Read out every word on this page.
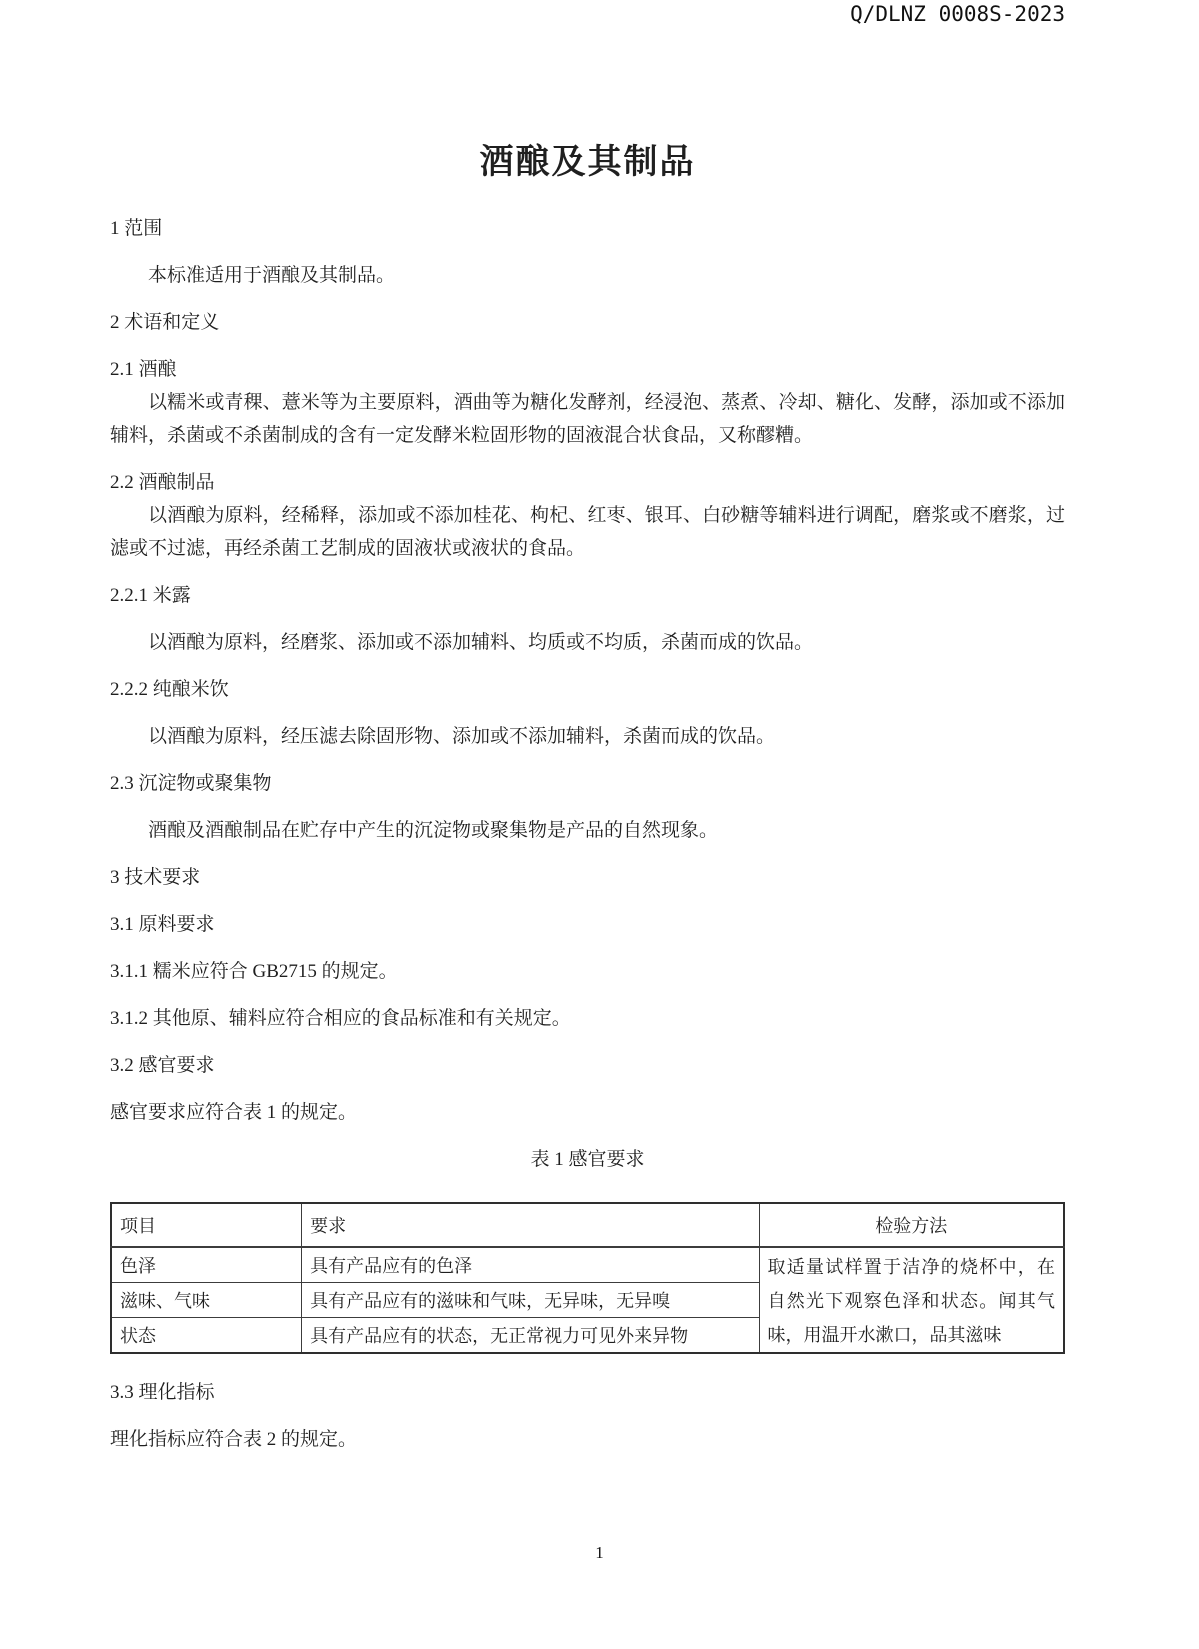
Q/DLNZ 0008S-2023
酒酿及其制品

1 范围

本标准适用于酒酿及其制品。

2 术语和定义

2.1 酒酿

以糯米或青稞、薏米等为主要原料，酒曲等为糖化发酵剂，经浸泡、蒸煮、冷却、糖化、发酵，添加或不添加辅料，杀菌或不杀菌制成的含有一定发酵米粒固形物的固液混合状食品，又称醪糟。

2.2 酒酿制品

以酒酿为原料，经稀释，添加或不添加桂花、枸杞、红枣、银耳、白砂糖等辅料进行调配，磨浆或不磨浆，过滤或不过滤，再经杀菌工艺制成的固液状或液状的食品。

2.2.1 米露

以酒酿为原料，经磨浆、添加或不添加辅料、均质或不均质，杀菌而成的饮品。

2.2.2 纯酿米饮

以酒酿为原料，经压滤去除固形物、添加或不添加辅料，杀菌而成的饮品。

2.3 沉淀物或聚集物

酒酿及酒酿制品在贮存中产生的沉淀物或聚集物是产品的自然现象。

3 技术要求

3.1 原料要求

3.1.1 糯米应符合 GB2715 的规定。

3.1.2 其他原、辅料应符合相应的食品标准和有关规定。

3.2 感官要求

感官要求应符合表 1 的规定。

表 1 感官要求

项目	要求	检验方法
色泽	具有产品应有的色泽	取适量试样置于洁净的烧杯中，在自然光下观察色泽和状态。闻其气味，用温开水漱口，品其滋味
滋味、气味	具有产品应有的滋味和气味，无异味，无异嗅	
状态	具有产品应有的状态，无正常视力可见外来异物	

3.3 理化指标

理化指标应符合表 2 的规定。

1
